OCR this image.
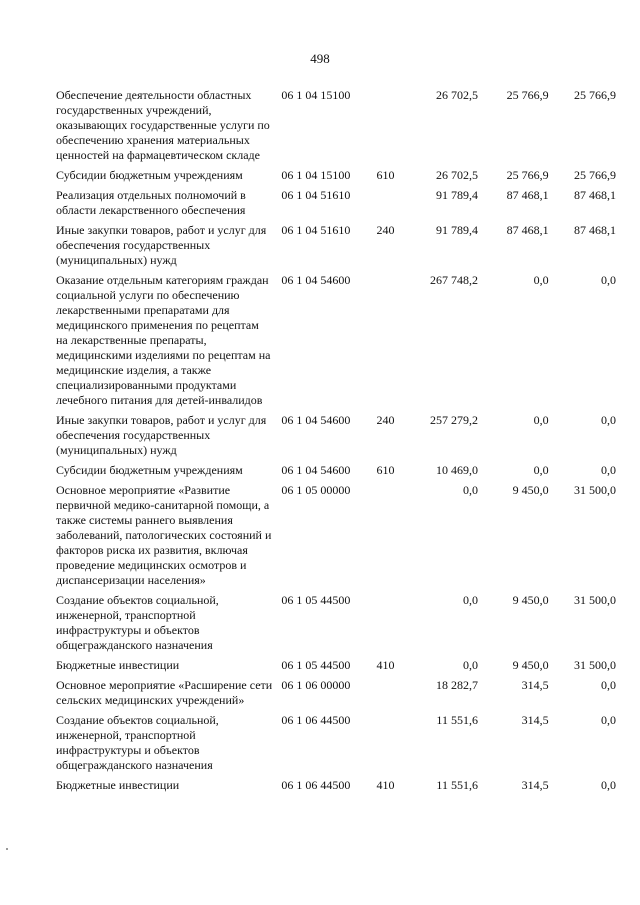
498
Обеспечение деятельности областных государственных учреждений, оказывающих государственные услуги по обеспечению хранения материальных ценностей на фармацевтическом складе	06 1 04 15100		26 702,5	25 766,9	25 766,9
Субсидии бюджетным учреждениям	06 1 04 15100	610	26 702,5	25 766,9	25 766,9
Реализация отдельных полномочий в области лекарственного обеспечения	06 1 04 51610		91 789,4	87 468,1	87 468,1
Иные закупки товаров, работ и услуг для обеспечения государственных (муниципальных) нужд	06 1 04 51610	240	91 789,4	87 468,1	87 468,1
Оказание отдельным категориям граждан социальной услуги по обеспечению лекарственными препаратами для медицинского применения по рецептам на лекарственные препараты, медицинскими изделиями по рецептам на медицинские изделия, а также специализированными продуктами лечебного питания для детей-инвалидов	06 1 04 54600		267 748,2	0,0	0,0
Иные закупки товаров, работ и услуг для обеспечения государственных (муниципальных) нужд	06 1 04 54600	240	257 279,2	0,0	0,0
Субсидии бюджетным учреждениям	06 1 04 54600	610	10 469,0	0,0	0,0
Основное мероприятие «Развитие первичной медико-санитарной помощи, а также системы раннего выявления заболеваний, патологических состояний и факторов риска их развития, включая проведение медицинских осмотров и диспансеризации населения»	06 1 05 00000		0,0	9 450,0	31 500,0
Создание объектов социальной, инженерной, транспортной инфраструктуры и объектов общегражданского назначения	06 1 05 44500		0,0	9 450,0	31 500,0
Бюджетные инвестиции	06 1 05 44500	410	0,0	9 450,0	31 500,0
Основное мероприятие «Расширение сети сельских медицинских учреждений»	06 1 06 00000		18 282,7	314,5	0,0
Создание объектов социальной, инженерной, транспортной инфраструктуры и объектов общегражданского назначения	06 1 06 44500		11 551,6	314,5	0,0
Бюджетные инвестиции	06 1 06 44500	410	11 551,6	314,5	0,0
